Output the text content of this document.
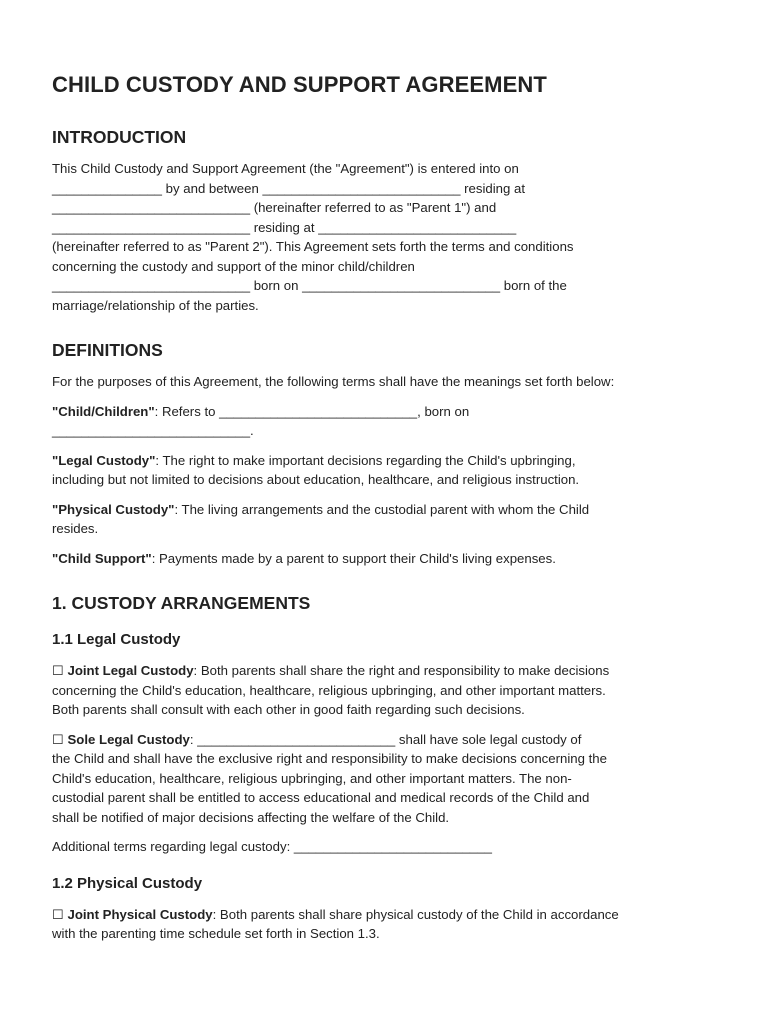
CHILD CUSTODY AND SUPPORT AGREEMENT
INTRODUCTION

This Child Custody and Support Agreement (the "Agreement") is entered into on
_______________ by and between ___________________________ residing at
___________________________ (hereinafter referred to as "Parent 1") and
___________________________ residing at ___________________________
(hereinafter referred to as "Parent 2"). This Agreement sets forth the terms and conditions
concerning the custody and support of the minor child/children
___________________________ born on ___________________________ born of the
marriage/relationship of the parties.

DEFINITIONS

For the purposes of this Agreement, the following terms shall have the meanings set forth below:

"Child/Children": Refers to ___________________________, born on
___________________________.

"Legal Custody": The right to make important decisions regarding the Child's upbringing,
including but not limited to decisions about education, healthcare, and religious instruction.

"Physical Custody": The living arrangements and the custodial parent with whom the Child
resides.

"Child Support": Payments made by a parent to support their Child's living expenses.

1. CUSTODY ARRANGEMENTS
1.1 Legal Custody

☐ Joint Legal Custody: Both parents shall share the right and responsibility to make decisions
concerning the Child's education, healthcare, religious upbringing, and other important matters.
Both parents shall consult with each other in good faith regarding such decisions.

☐ Sole Legal Custody: ___________________________ shall have sole legal custody of
the Child and shall have the exclusive right and responsibility to make decisions concerning the
Child's education, healthcare, religious upbringing, and other important matters. The non-
custodial parent shall be entitled to access educational and medical records of the Child and
shall be notified of major decisions affecting the welfare of the Child.

Additional terms regarding legal custody: ___________________________

1.2 Physical Custody

☐ Joint Physical Custody: Both parents shall share physical custody of the Child in accordance
with the parenting time schedule set forth in Section 1.3.
